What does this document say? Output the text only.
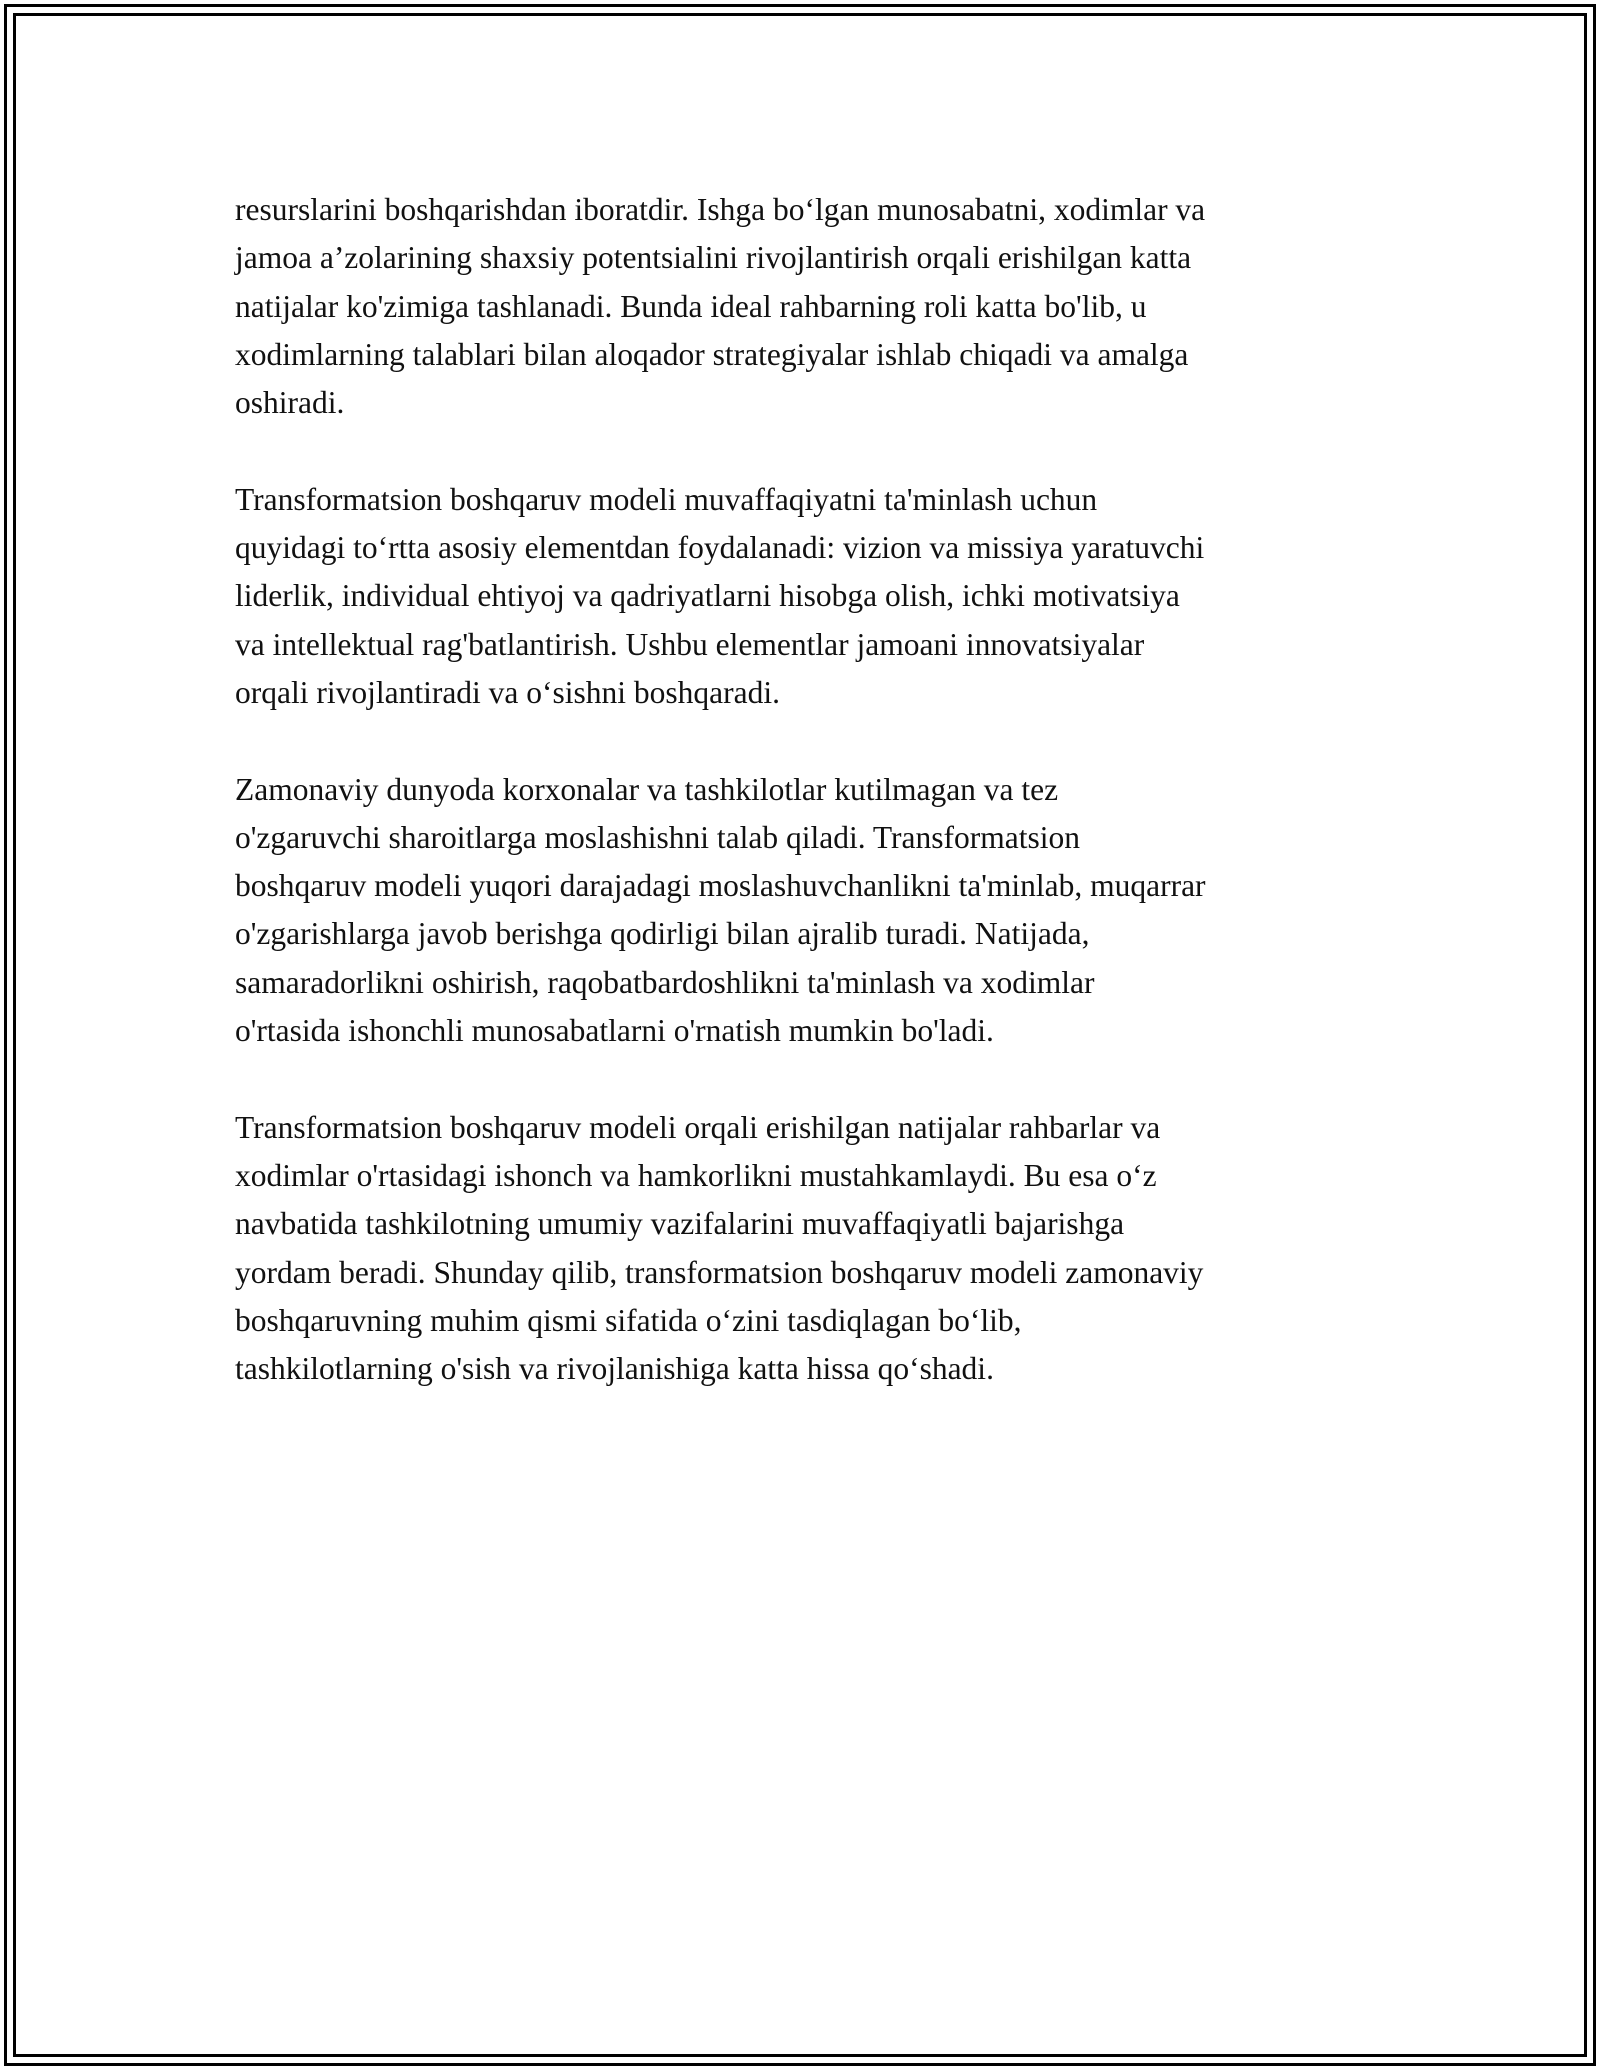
resurslarini boshqarishdan iboratdir. Ishga bo‘lgan munosabatni, xodimlar va
jamoa a’zolarining shaxsiy potentsialini rivojlantirish orqali erishilgan katta
natijalar ko'zimiga tashlanadi. Bunda ideal rahbarning roli katta bo'lib, u
xodimlarning talablari bilan aloqador strategiyalar ishlab chiqadi va amalga
oshiradi.

Transformatsion boshqaruv modeli muvaffaqiyatni ta'minlash uchun
quyidagi to‘rtta asosiy elementdan foydalanadi: vizion va missiya yaratuvchi
liderlik, individual ehtiyoj va qadriyatlarni hisobga olish, ichki motivatsiya
va intellektual rag'batlantirish. Ushbu elementlar jamoani innovatsiyalar
orqali rivojlantiradi va o‘sishni boshqaradi.

Zamonaviy dunyoda korxonalar va tashkilotlar kutilmagan va tez
o'zgaruvchi sharoitlarga moslashishni talab qiladi. Transformatsion
boshqaruv modeli yuqori darajadagi moslashuvchanlikni ta'minlab, muqarrar
o'zgarishlarga javob berishga qodirligi bilan ajralib turadi. Natijada,
samaradorlikni oshirish, raqobatbardoshlikni ta'minlash va xodimlar
o'rtasida ishonchli munosabatlarni o'rnatish mumkin bo'ladi.

Transformatsion boshqaruv modeli orqali erishilgan natijalar rahbarlar va
xodimlar o'rtasidagi ishonch va hamkorlikni mustahkamlaydi. Bu esa o‘z
navbatida tashkilotning umumiy vazifalarini muvaffaqiyatli bajarishga
yordam beradi. Shunday qilib, transformatsion boshqaruv modeli zamonaviy
boshqaruvning muhim qismi sifatida o‘zini tasdiqlagan bo‘lib,
tashkilotlarning o'sish va rivojlanishiga katta hissa qo‘shadi.
